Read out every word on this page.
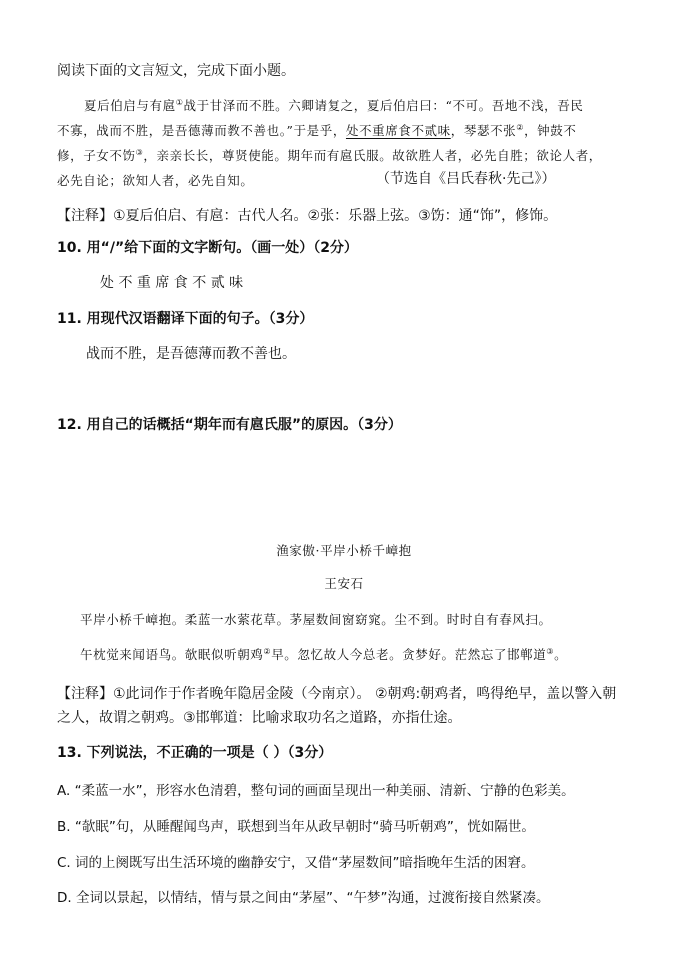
阅读下面的文言短文，完成下面小题。
夏后伯启与有扈①战于甘泽而不胜。六卿请复之，夏后伯启曰：“不可。吾地不浅，吾民
不寡，战而不胜，是吾德薄而教不善也。”于是乎，处不重席食不贰味，琴瑟不张②，钟鼓不
修，子女不饬③，亲亲长长，尊贤使能。期年而有扈氏服。故欲胜人者，必先自胜；欲论人者，
必先自论；欲知人者，必先自知。	（节选自《吕氏春秋·先己》）
【注释】①夏后伯启、有扈：古代人名。②张：乐器上弦。③饬：通“饰”，修饰。
10. 用“/”给下面的文字断句。（画一处）（2分）
处 不 重 席 食 不 贰 味
11. 用现代汉语翻译下面的句子。（3分）
战而不胜，是吾德薄而教不善也。
12. 用自己的话概括“期年而有扈氏服”的原因。（3分）
渔家傲·平岸小桥千嶂抱
王安石
平岸小桥千嶂抱。柔蓝一水萦花草。茅屋数间窗窈窕。尘不到。时时自有春风扫。
午枕觉来闻语鸟。欹眠似听朝鸡②早。忽忆故人今总老。贪梦好。茫然忘了邯郸道③。
【注释】①此词作于作者晚年隐居金陵（今南京）。 ②朝鸡:朝鸡者，鸣得绝早，盖以警入朝
之人，故谓之朝鸡。③邯郸道：比喻求取功名之道路，亦指仕途。
13. 下列说法，不正确的一项是（ ）（3分）
A. “柔蓝一水”，形容水色清碧，整句词的画面呈现出一种美丽、清新、宁静的色彩美。
B. “欹眠”句，从睡醒闻鸟声，联想到当年从政早朝时“骑马听朝鸡”，恍如隔世。
C. 词的上阕既写出生活环境的幽静安宁，又借“茅屋数间”暗指晚年生活的困窘。
D. 全词以景起，以情结，情与景之间由“茅屋”、“午梦”沟通，过渡衔接自然紧凑。
